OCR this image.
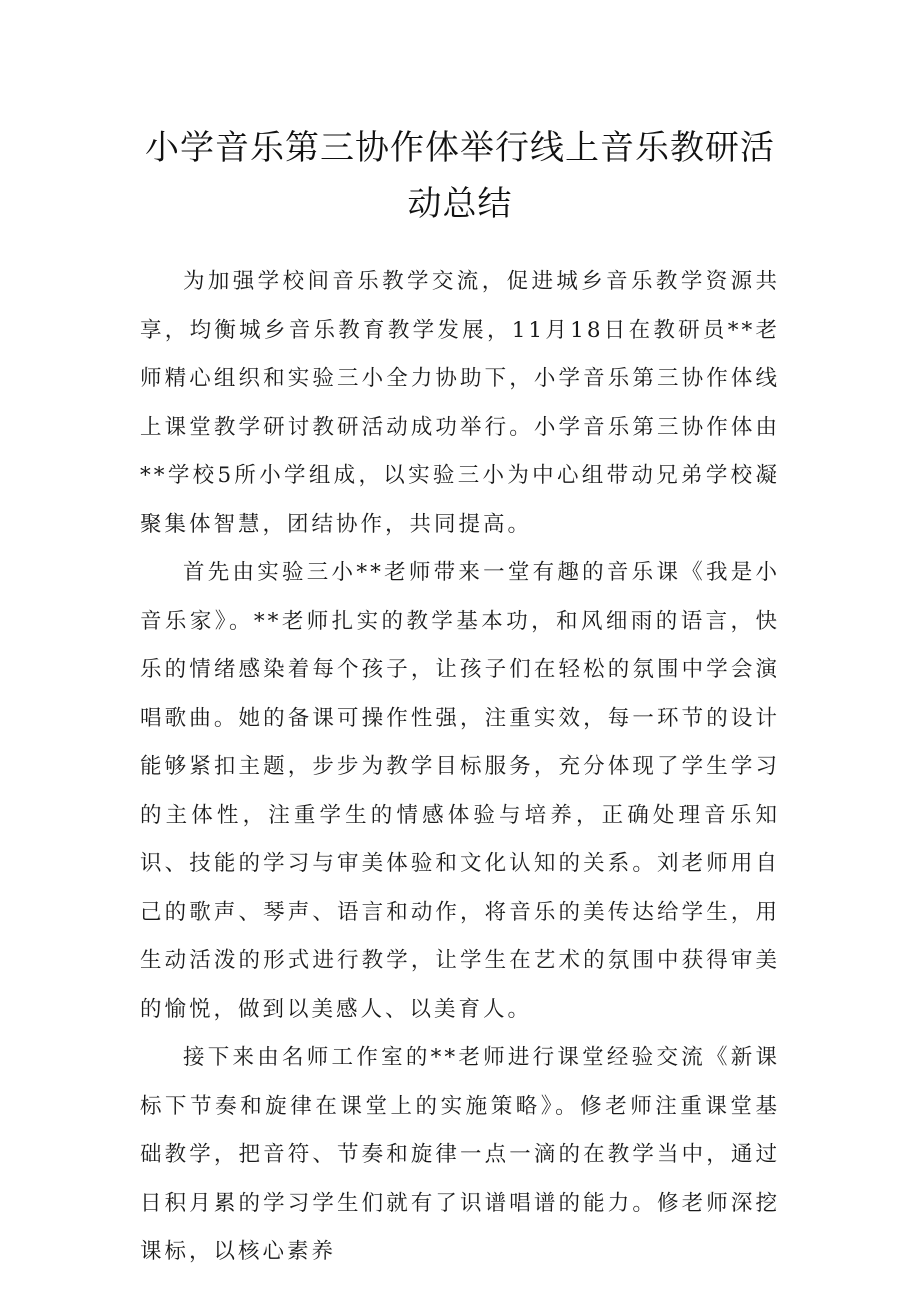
小学音乐第三协作体举行线上音乐教研活
动总结

为加强学校间音乐教学交流，促进城乡音乐教学资源共享，均衡城乡音乐教育教学发展，11月18日在教研员**老师精心组织和实验三小全力协助下，小学音乐第三协作体线上课堂教学研讨教研活动成功举行。小学音乐第三协作体由**学校5所小学组成，以实验三小为中心组带动兄弟学校凝聚集体智慧，团结协作，共同提高。

首先由实验三小**老师带来一堂有趣的音乐课《我是小音乐家》。**老师扎实的教学基本功，和风细雨的语言，快乐的情绪感染着每个孩子，让孩子们在轻松的氛围中学会演唱歌曲。她的备课可操作性强，注重实效，每一环节的设计能够紧扣主题，步步为教学目标服务，充分体现了学生学习的主体性，注重学生的情感体验与培养，正确处理音乐知识、技能的学习与审美体验和文化认知的关系。刘老师用自己的歌声、琴声、语言和动作，将音乐的美传达给学生，用生动活泼的形式进行教学，让学生在艺术的氛围中获得审美的愉悦，做到以美感人、以美育人。

接下来由名师工作室的**老师进行课堂经验交流《新课标下节奏和旋律在课堂上的实施策略》。修老师注重课堂基础教学，把音符、节奏和旋律一点一滴的在教学当中，通过日积月累的学习学生们就有了识谱唱谱的能力。修老师深挖课标，以核心素养
